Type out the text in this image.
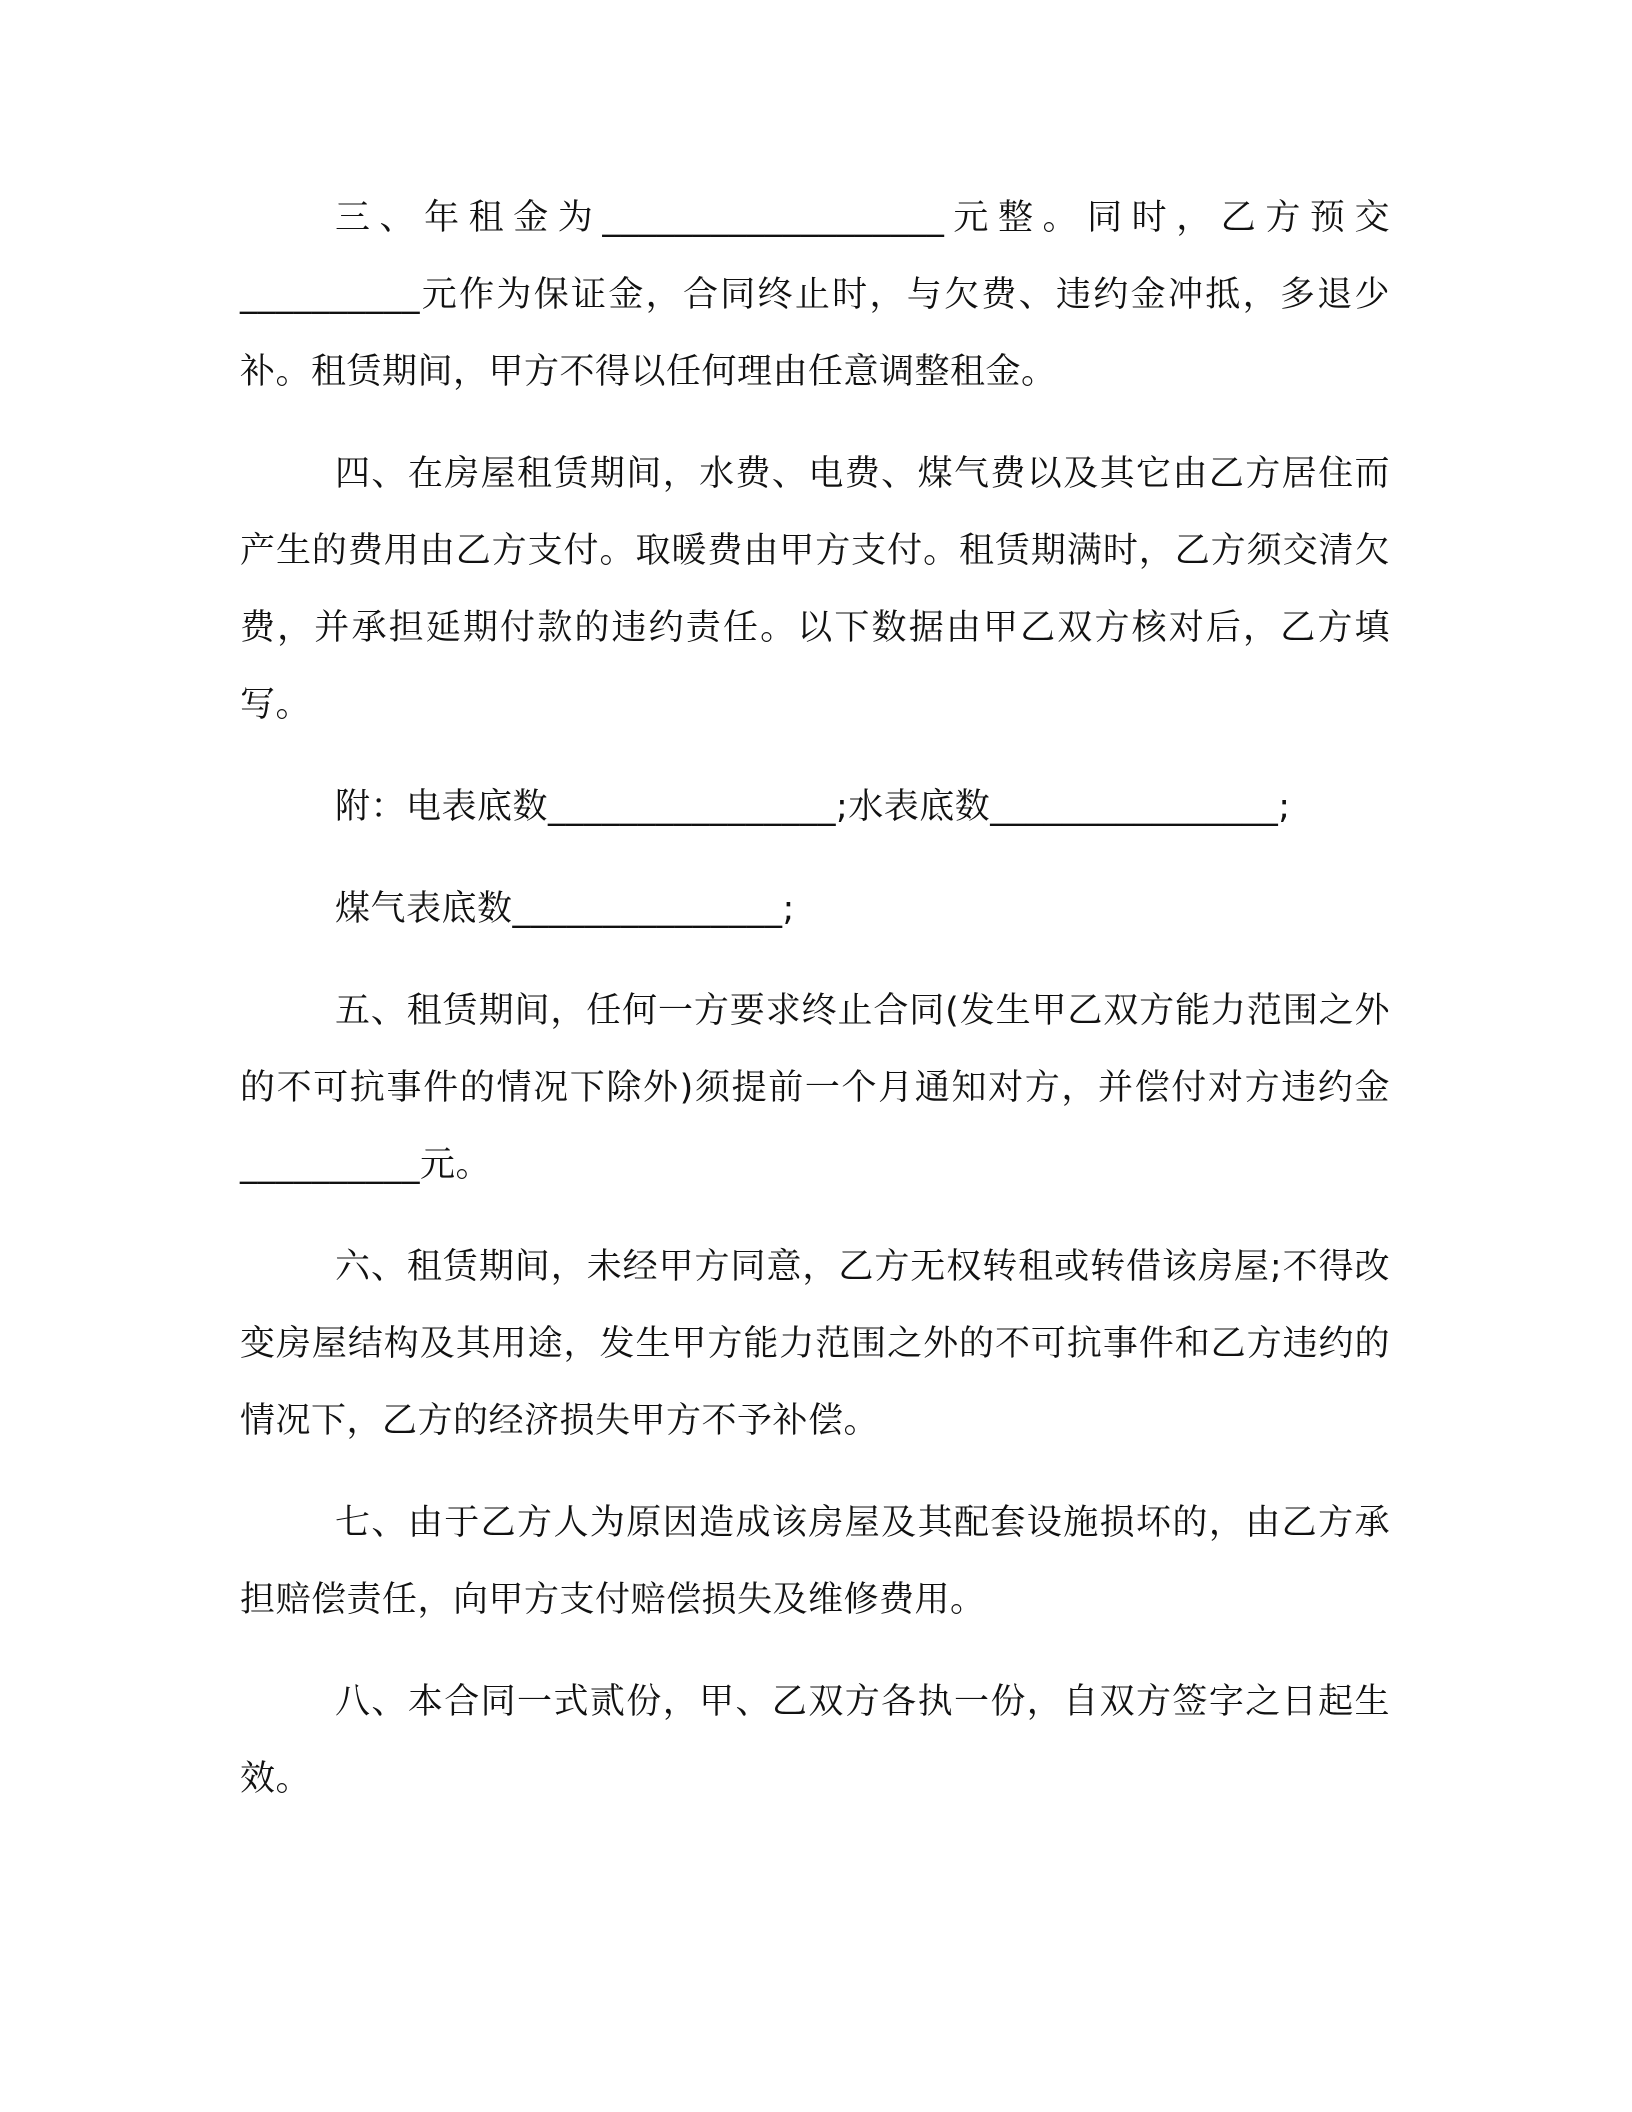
三、年租金为___________________元整。同时，乙方预交__________元作为保证金，合同终止时，与欠费、违约金冲抵，多退少补。租赁期间，甲方不得以任何理由任意调整租金。

四、在房屋租赁期间，水费、电费、煤气费以及其它由乙方居住而产生的费用由乙方支付。取暖费由甲方支付。租赁期满时，乙方须交清欠费，并承担延期付款的违约责任。以下数据由甲乙双方核对后，乙方填写。

附：电表底数________________;水表底数________________;

煤气表底数_______________;

五、租赁期间，任何一方要求终止合同(发生甲乙双方能力范围之外的不可抗事件的情况下除外)须提前一个月通知对方，并偿付对方违约金__________元。

六、租赁期间，未经甲方同意，乙方无权转租或转借该房屋;不得改变房屋结构及其用途，发生甲方能力范围之外的不可抗事件和乙方违约的情况下，乙方的经济损失甲方不予补偿。

七、由于乙方人为原因造成该房屋及其配套设施损坏的，由乙方承担赔偿责任，向甲方支付赔偿损失及维修费用。

八、本合同一式贰份，甲、乙双方各执一份，自双方签字之日起生效。
